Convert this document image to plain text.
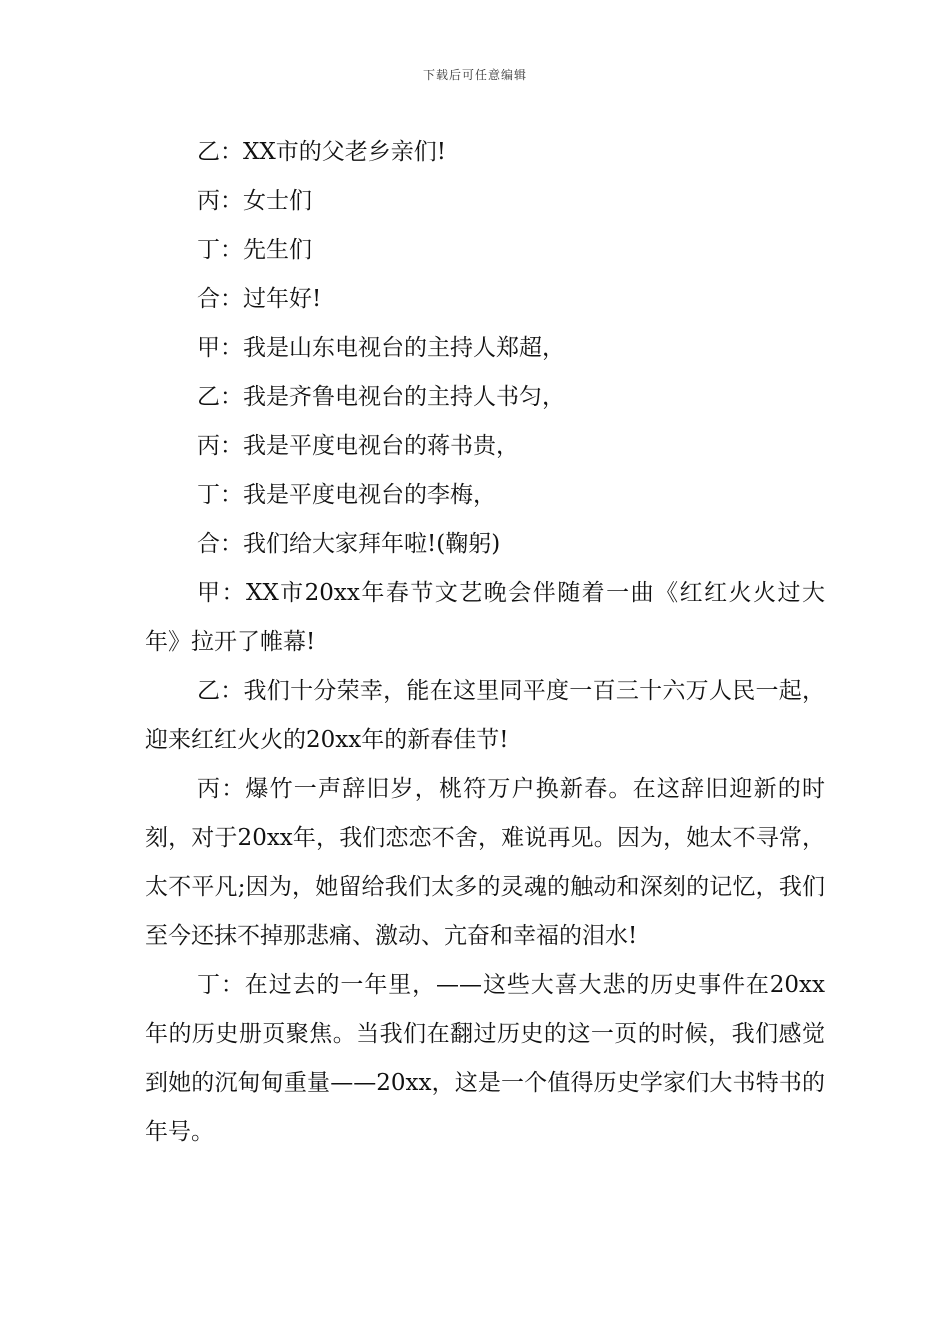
下载后可任意编辑

乙：XX市的父老乡亲们!

丙：女士们

丁：先生们

合：过年好!

甲：我是山东电视台的主持人郑超，

乙：我是齐鲁电视台的主持人书匀，

丙：我是平度电视台的蒋书贵，

丁：我是平度电视台的李梅，

合：我们给大家拜年啦!(鞠躬)

甲：XX市20xx年春节文艺晚会伴随着一曲《红红火火过大年》拉开了帷幕!

乙：我们十分荣幸，能在这里同平度一百三十六万人民一起，迎来红红火火的20xx年的新春佳节!

丙：爆竹一声辞旧岁，桃符万户换新春。在这辞旧迎新的时刻，对于20xx年，我们恋恋不舍，难说再见。因为，她太不寻常，太不平凡;因为，她留给我们太多的灵魂的触动和深刻的记忆，我们至今还抹不掉那悲痛、激动、亢奋和幸福的泪水!

丁：在过去的一年里，——这些大喜大悲的历史事件在20xx年的历史册页聚焦。当我们在翻过历史的这一页的时候，我们感觉到她的沉甸甸重量——20xx，这是一个值得历史学家们大书特书的年号。
